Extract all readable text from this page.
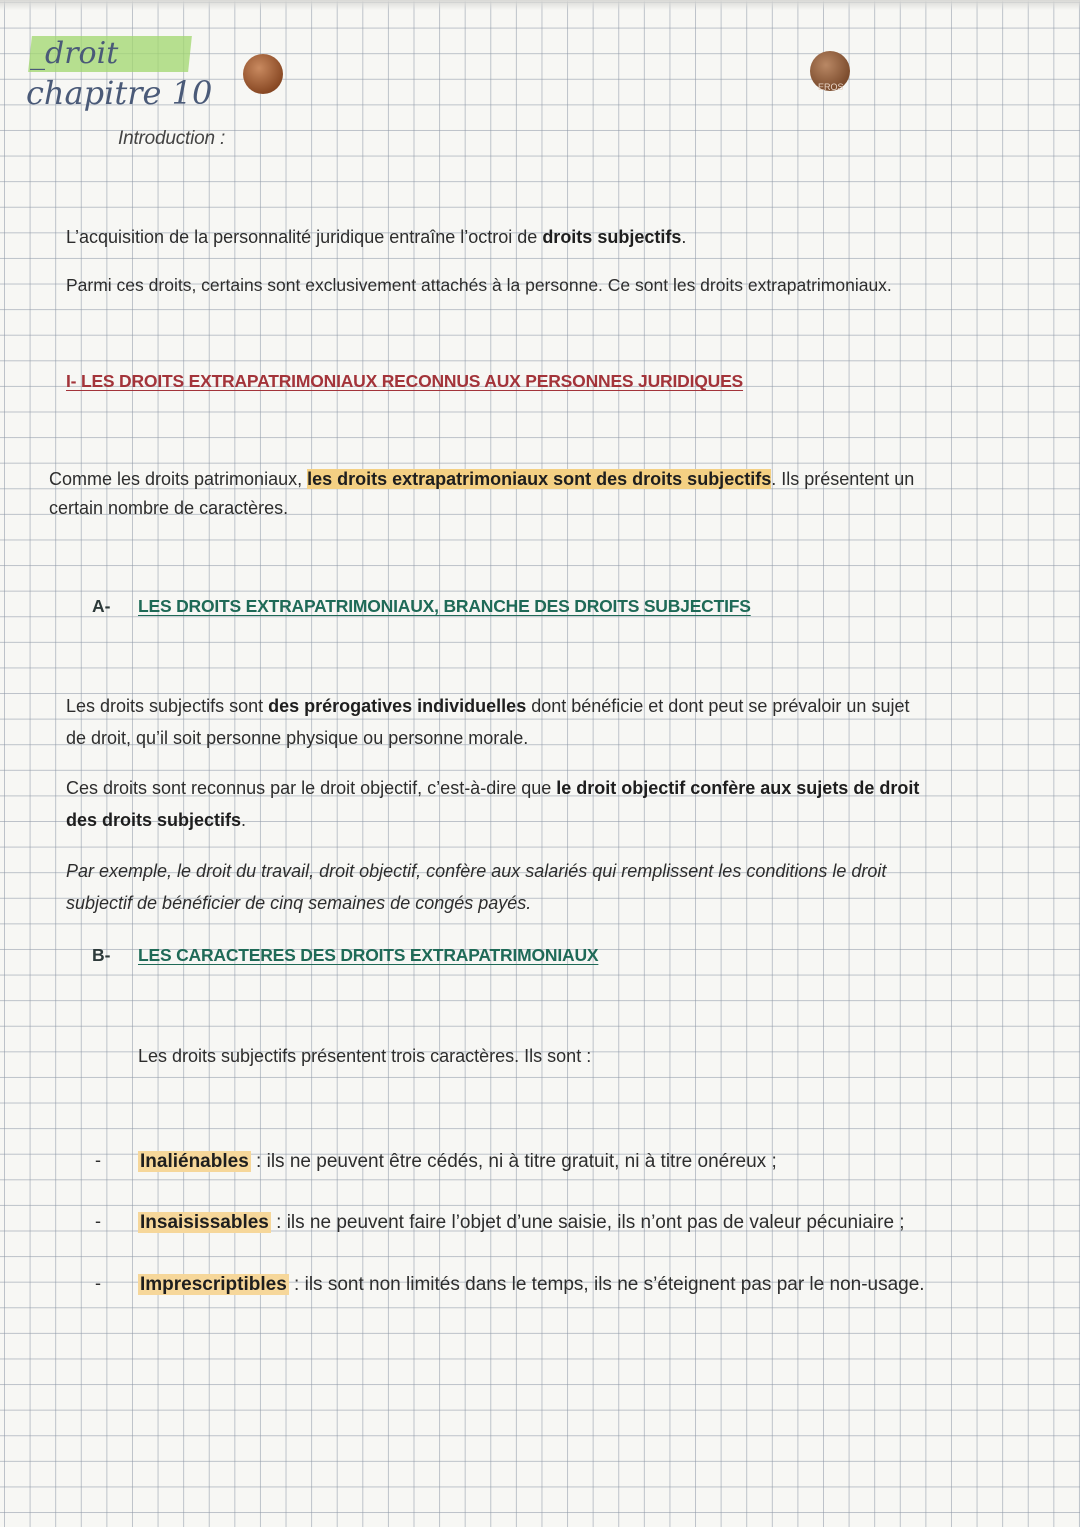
_droit
chapitre 10	EROS
Introduction :

L’acquisition de la personnalité juridique entraîne l’octroi de droits subjectifs.

Parmi ces droits, certains sont exclusivement attachés à la personne. Ce sont les droits extrapatrimoniaux.

I- LES DROITS EXTRAPATRIMONIAUX RECONNUS AUX PERSONNES JURIDIQUES

Comme les droits patrimoniaux, les droits extrapatrimoniaux sont des droits subjectifs. Ils présentent un

certain nombre de caractères.

A- LES DROITS EXTRAPATRIMONIAUX, BRANCHE DES DROITS SUBJECTIFS

Les droits subjectifs sont des prérogatives individuelles dont bénéficie et dont peut se prévaloir un sujet

de droit, qu’il soit personne physique ou personne morale.

Ces droits sont reconnus par le droit objectif, c’est-à-dire que le droit objectif confère aux sujets de droit

des droits subjectifs.

Par exemple, le droit du travail, droit objectif, confère aux salariés qui remplissent les conditions le droit

subjectif de bénéficier de cinq semaines de congés payés.

B- LES CARACTERES DES DROITS EXTRAPATRIMONIAUX

Les droits subjectifs présentent trois caractères. Ils sont :

- Inaliénables : ils ne peuvent être cédés, ni à titre gratuit, ni à titre onéreux ;
- Insaisissables : ils ne peuvent faire l’objet d’une saisie, ils n’ont pas de valeur pécuniaire ;
- Imprescriptibles : ils sont non limités dans le temps, ils ne s’éteignent pas par le non-usage.
